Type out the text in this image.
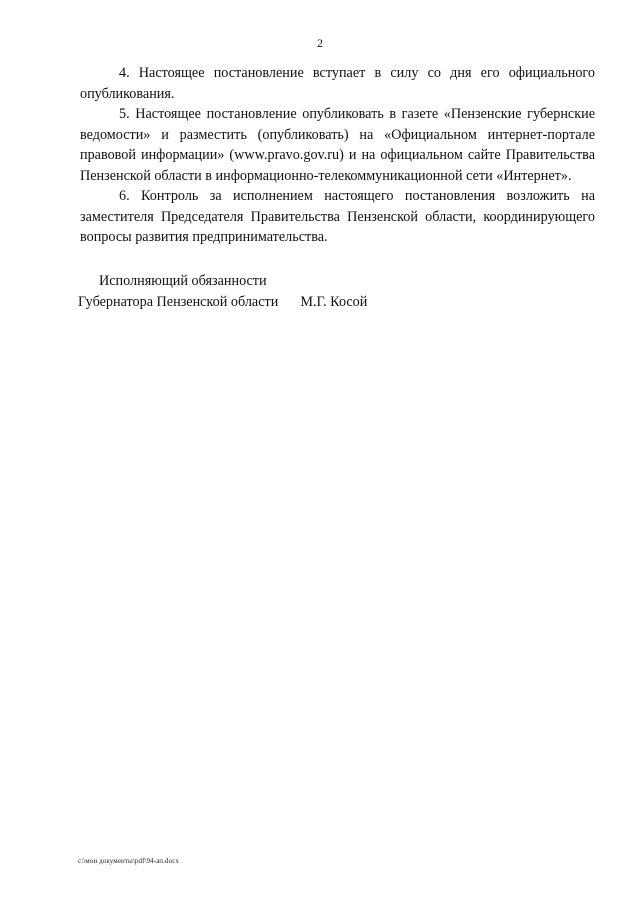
2

4. Настоящее постановление вступает в силу со дня его официального опубликования.

5. Настоящее постановление опубликовать в газете «Пензенские губернские ведомости» и разместить (опубликовать) на «Официальном интернет-портале правовой информации» (www.pravo.gov.ru) и на официальном сайте Правительства Пензенской области в информационно-телекоммуникационной сети «Интернет».

6. Контроль за исполнением настоящего постановления возложить на заместителя Председателя Правительства Пензенской области, координирующего вопросы развития предпринимательства.

Исполняющий обязанности
Губернатора Пензенской области М.Г. Косой
c:\мои документы\pdf\94-ап.docx
